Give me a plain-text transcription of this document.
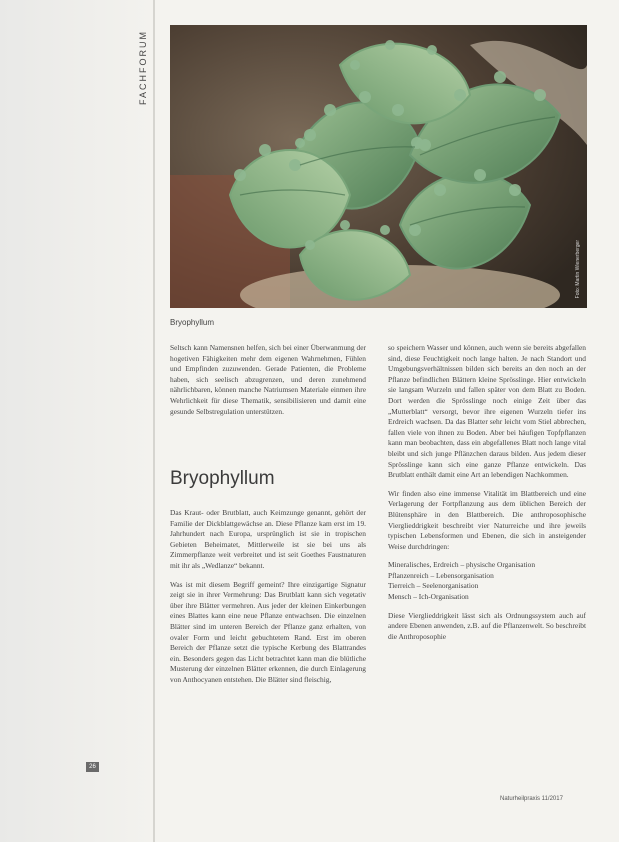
FACHFORUM
Foto: Martin Wienerberger
Bryophyllum

Seltsch kann Namensnen helfen, sich bei einer Überwanmung der hogetiven Fähigkeiten mehr dem eigenen Wahrnehmen, Fühlen und Empfinden zuzuwenden. Gerade Patienten, die Probleme haben, sich seelisch abzugrenzen, und deren zunehmend nährlichbaren, können manche Natriumsen Materiale einmen ihre Wehrlichkeit für diese Thematik, sensibilisieren und damit eine gesunde Selbstregulation unterstützen.

Bryophyllum

Das Kraut- oder Brutblatt, auch Keimzunge genannt, gehört der Familie der Dickblattgewächse an. Diese Pflanze kam erst im 19. Jahrhundert nach Europa, ursprünglich ist sie in tropischen Gebieten Beheimatet, Mittlerweile ist sie bei uns als Zimmerpflanze weit verbreitet und ist seit Goethes Faustnaturen mit ihr als „Wedlanze“ bekannt.

Was ist mit diesem Begriff gemeint? Ihre einzigartige Signatur zeigt sie in ihrer Vermehrung: Das Brutblatt kann sich vegetativ über ihre Blätter vermehren. Aus jeder der kleinen Einkerbungen eines Blattes kann eine neue Pflanze entwachsen. Die einzelnen Blätter sind im unteren Bereich der Pflanze ganz erhalten, von ovaler Form und leicht gebuchtetem Rand. Erst im oberen Bereich der Pflanze setzt die typische Kerbung des Blattrandes ein. Besonders gegen das Licht betrachtet kann man die blütliche Musterung der einzelnen Blätter erkennen, die durch Einlagerung von Anthocyanen entstehen. Die Blätter sind fleischig,

so speichern Wasser und können, auch wenn sie bereits abgefallen sind, diese Feuchtigkeit noch lange halten. Je nach Standort und Umgebungsverhältnissen bilden sich bereits an den noch an der Pflanze befindlichen Blättern kleine Sprösslinge. Hier entwickeln sie langsam Wurzeln und fallen später von dem Blatt zu Boden. Dort werden die Sprösslinge noch einige Zeit über das „Mutterblatt“ versorgt, bevor ihre eigenen Wurzeln tiefer ins Erdreich wachsen. Da das Blatter sehr leicht vom Stiel abbrechen, fallen viele von ihnen zu Boden. Aber bei häufigen Topfpflanzen kann man beobachten, dass ein abgefallenes Blatt noch lange vital bleibt und sich junge Pflänzchen daraus bilden. Aus jedem dieser Sprösslinge kann sich eine ganze Pflanze entwickeln. Das Brutblatt enthält damit eine Art an lebendigen Nachkommen.

Wir finden also eine immense Vitalität im Blattbereich und eine Verlagerung der Fortpflanzung aus dem üblichen Bereich der Blütensphäre in den Blattbereich. Die anthroposophische Vierglieddrigkeit beschreibt vier Naturreiche und ihre jeweils typischen Lebensformen und Ebenen, die sich in ansteigender Weise durchdringen:

Mineralisches, Erdreich – physische Organisation

Pflanzenreich – Lebensorganisation

Tierreich – Seelenorganisation

Mensch – Ich-Organisation

Diese Vierglieddrigkeit lässt sich als Ordnungssystem auch auf andere Ebenen anwenden, z.B. auf die Pflanzenwelt. So beschreibt die Anthroposophie

26
Naturheilpraxis 11/2017
